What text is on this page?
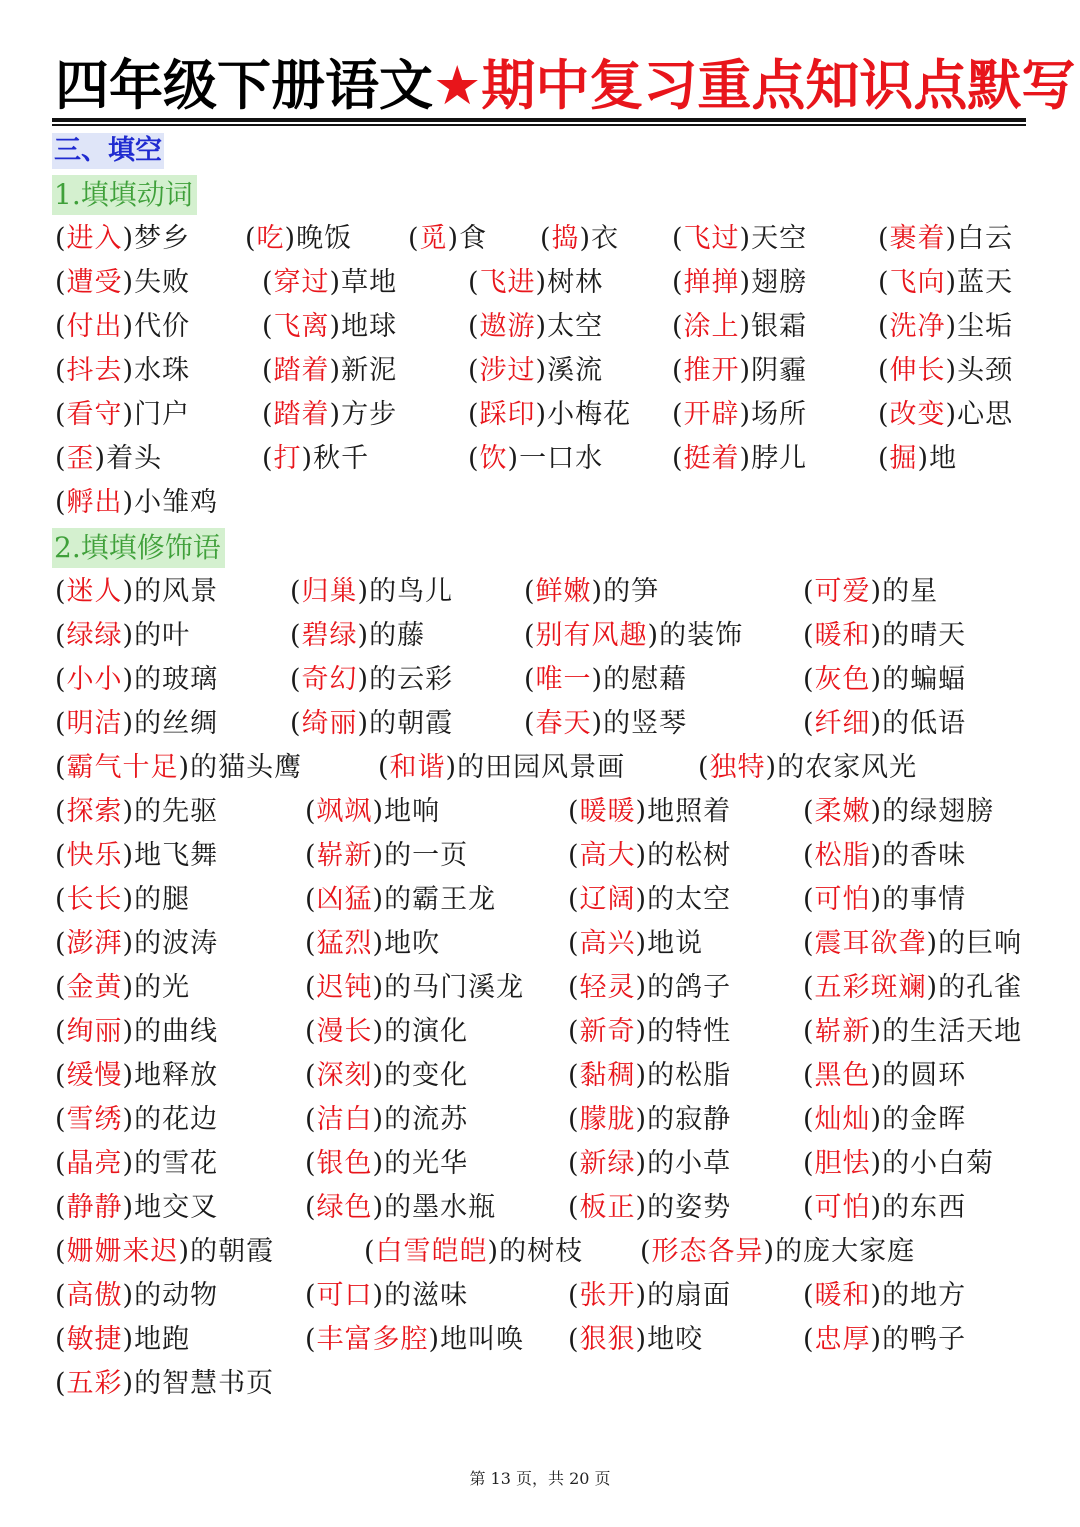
四年级下册语文★期中复习重点知识点默写
三、填空
1.填填动词
(进入)梦乡 (吃)晚饭 (觅)食 (捣)衣 (飞过)天空	(裹着)白云
(遭受)失败	(穿过)草地	(飞进)树林	(掸掸)翅膀	(飞向)蓝天
(付出)代价	(飞离)地球	(遨游)太空	(涂上)银霜	(洗净)尘垢
(抖去)水珠	(踏着)新泥	(涉过)溪流	(推开)阴霾	(伸长)头颈
(看守)门户	(踏着)方步	(踩印)小梅花 (开辟)场所	(改变)心思
(歪)着头	(打)秋千	(饮)一口水	(挺着)脖儿	(掘)地
(孵出)小雏鸡
2.填填修饰语
(迷人)的风景	(归巢)的鸟儿	(鲜嫩)的笋	(可爱)的星
(绿绿)的叶	(碧绿)的藤	(别有风趣)的装饰 (暖和)的晴天
(小小)的玻璃	(奇幻)的云彩	(唯一)的慰藉	(灰色)的蝙蝠
(明洁)的丝绸	(绮丽)的朝霞	(春天)的竖琴	(纤细)的低语
(霸气十足)的猫头鹰	(和谐)的田园风景画	(独特)的农家风光
(探索)的先驱	(飒飒)地响	(暖暖)地照着	(柔嫩)的绿翅膀
(快乐)地飞舞	(崭新)的一页	(高大)的松树	(松脂)的香味
(长长)的腿	(凶猛)的霸王龙	(辽阔)的太空	(可怕)的事情
(澎湃)的波涛	(猛烈)地吹	(高兴)地说	(震耳欲聋)的巨响
(金黄)的光	(迟钝)的马门溪龙 (轻灵)的鸽子	(五彩斑斓)的孔雀
(绚丽)的曲线	(漫长)的演化	(新奇)的特性	(崭新)的生活天地
(缓慢)地释放	(深刻)的变化	(黏稠)的松脂	(黑色)的圆环
(雪绣)的花边	(洁白)的流苏	(朦胧)的寂静	(灿灿)的金晖
(晶亮)的雪花	(银色)的光华	(新绿)的小草	(胆怯)的小白菊
(静静)地交叉	(绿色)的墨水瓶	(板正)的姿势	(可怕)的东西
(姗姗来迟)的朝霞	(白雪皑皑)的树枝 (形态各异)的庞大家庭
(高傲)的动物	(可口)的滋味	(张开)的扇面	(暖和)的地方
(敏捷)地跑	(丰富多腔)地叫唤 (狠狠)地咬	(忠厚)的鸭子
(五彩)的智慧书页
第 13 页，共 20 页
